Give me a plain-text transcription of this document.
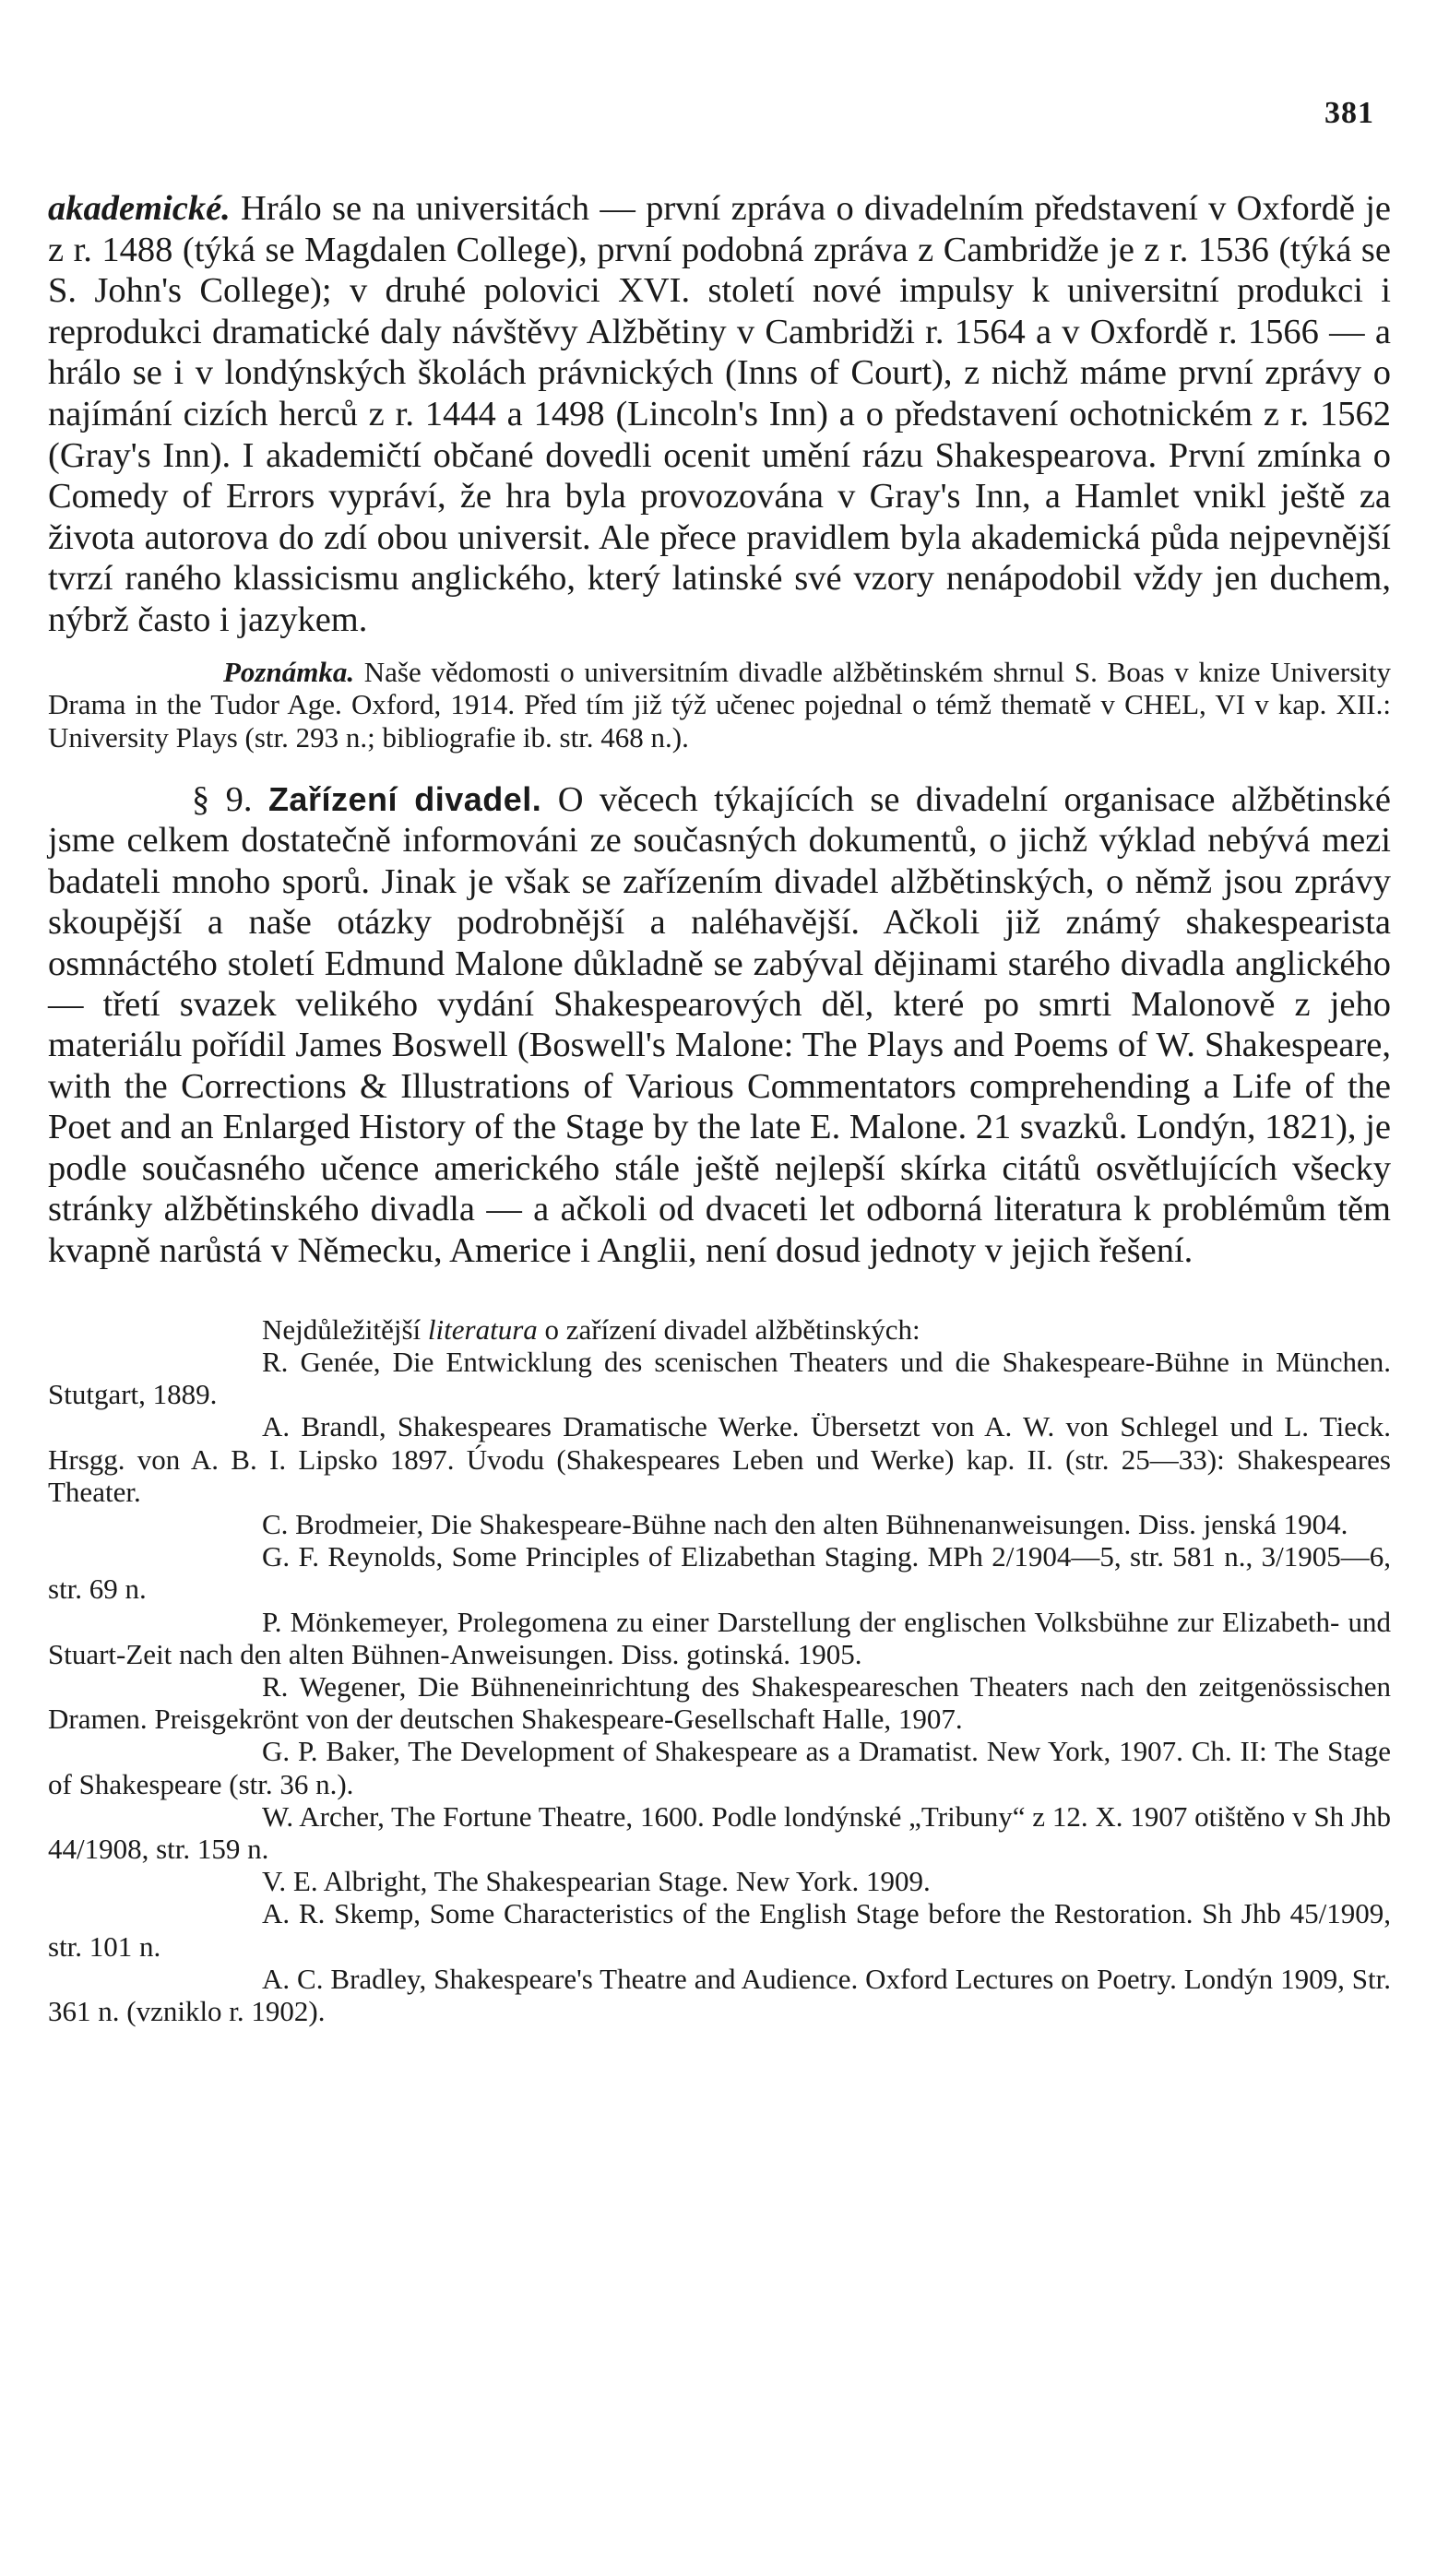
381

akademické. Hrálo se na universitách — první zpráva o divadelním představení v Oxfordě je z r. 1488 (týká se Magdalen College), první podobná zpráva z Cambridže je z r. 1536 (týká se S. John's College); v druhé polovici XVI. století nové impulsy k universitní produkci i reprodukci dramatické daly návštěvy Alžbětiny v Cambridži r. 1564 a v Oxfordě r. 1566 — a hrálo se i v londýnských školách právnických (Inns of Court), z nichž máme první zprávy o najímání cizích herců z r. 1444 a 1498 (Lincoln's Inn) a o představení ochotnickém z r. 1562 (Gray's Inn). I akademičtí občané dovedli ocenit umění rázu Shakespearova. První zmínka o Comedy of Errors vypráví, že hra byla provozována v Gray's Inn, a Hamlet vnikl ještě za života autorova do zdí obou universit. Ale přece pravidlem byla akademická půda nejpevnější tvrzí raného klassicismu anglického, který latinské své vzory nenápodobil vždy jen duchem, nýbrž často i jazykem.

Poznámka. Naše vědomosti o universitním divadle alžbětinském shrnul S. Boas v knize University Drama in the Tudor Age. Oxford, 1914. Před tím již týž učenec pojednal o témž thematě v CHEL, VI v kap. XII.: University Plays (str. 293 n.; bibliografie ib. str. 468 n.).
§ 9. Zařízení divadel. O věcech týkajících se divadelní organisace alžbětinské jsme celkem dostatečně informováni ze současných dokumentů, o jichž výklad nebývá mezi badateli mnoho sporů. Jinak je však se zařízením divadel alžbětinských, o němž jsou zprávy skoupější a naše otázky podrobnější a naléhavější. Ačkoli již známý shakespearista osmnáctého století Edmund Malone důkladně se zabýval dějinami starého divadla anglického — třetí svazek velikého vydání Shakespearových děl, které po smrti Malonově z jeho materiálu pořídil James Boswell (Boswell's Malone: The Plays and Poems of W. Shakespeare, with the Corrections & Illustrations of Various Commentators comprehending a Life of the Poet and an Enlarged History of the Stage by the late E. Malone. 21 svazků. Londýn, 1821), je podle současného učence amerického stále ještě nejlepší skírka citátů osvětlujících všecky stránky alžbětinského divadla — a ačkoli od dvaceti let odborná literatura k problémům těm kvapně narůstá v Německu, Americe i Anglii, není dosud jednoty v jejich řešení.
Nejdůležitější literatura o zařízení divadel alžbětinských:

R. Genée, Die Entwicklung des scenischen Theaters und die Shakespeare-Bühne in München. Stutgart, 1889.

A. Brandl, Shakespeares Dramatische Werke. Übersetzt von A. W. von Schlegel und L. Tieck. Hrsgg. von A. B. I. Lipsko 1897. Úvodu (Shakespeares Leben und Werke) kap. II. (str. 25—33): Shakespeares Theater.

C. Brodmeier, Die Shakespeare-Bühne nach den alten Bühnenanweisungen. Diss. jenská 1904.

G. F. Reynolds, Some Principles of Elizabethan Staging. MPh 2/1904—5, str. 581 n., 3/1905—6, str. 69 n.

P. Mönkemeyer, Prolegomena zu einer Darstellung der englischen Volksbühne zur Elizabeth- und Stuart-Zeit nach den alten Bühnen-Anweisungen. Diss. gotinská. 1905.

R. Wegener, Die Bühneneinrichtung des Shakespeareschen Theaters nach den zeitgenössischen Dramen. Preisgekrönt von der deutschen Shakespeare-Gesellschaft Halle, 1907.

G. P. Baker, The Development of Shakespeare as a Dramatist. New York, 1907. Ch. II: The Stage of Shakespeare (str. 36 n.).

W. Archer, The Fortune Theatre, 1600. Podle londýnské „Tribuny“ z 12. X. 1907 otištěno v Sh Jhb 44/1908, str. 159 n.

V. E. Albright, The Shakespearian Stage. New York. 1909.

A. R. Skemp, Some Characteristics of the English Stage before the Restoration. Sh Jhb 45/1909, str. 101 n.

A. C. Bradley, Shakespeare's Theatre and Audience. Oxford Lectures on Poetry. Londýn 1909, Str. 361 n. (vzniklo r. 1902).
